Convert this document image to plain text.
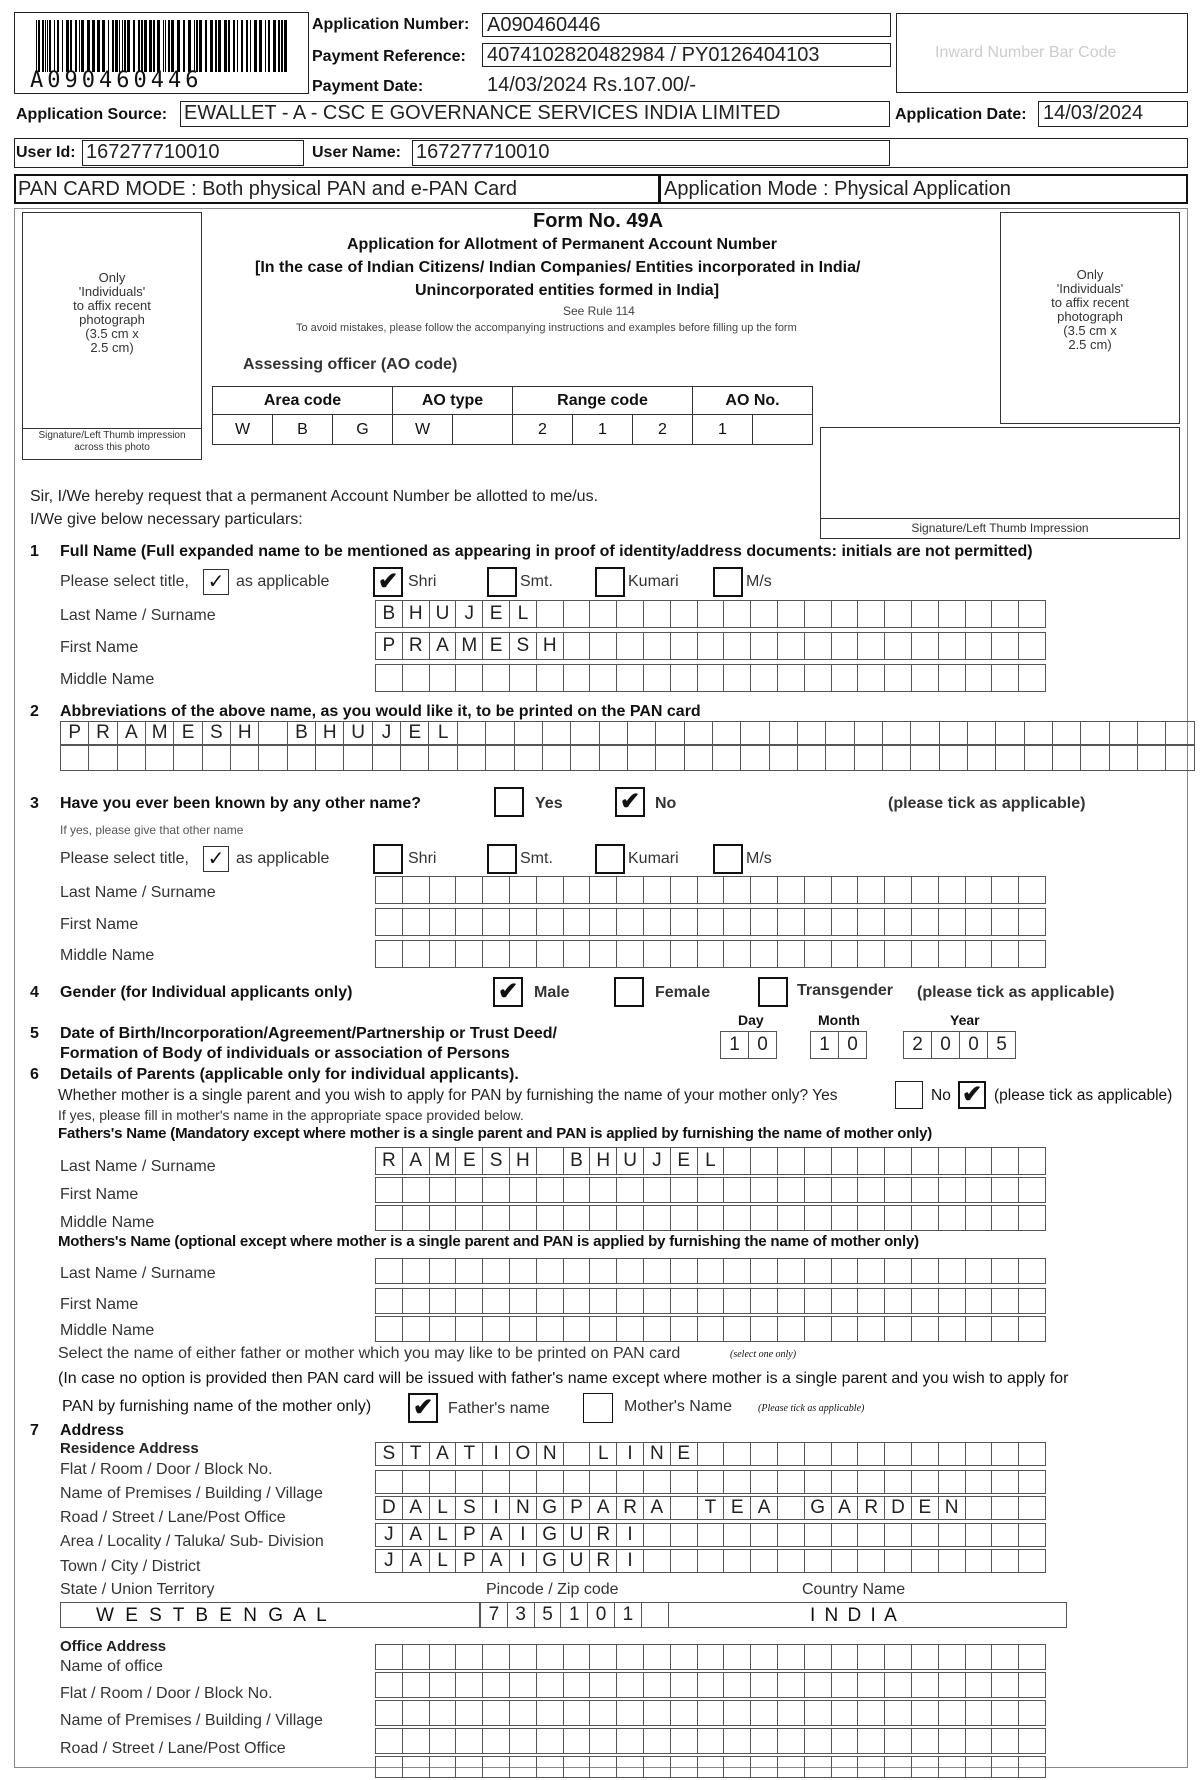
A090460446
Application Number: A090460446
Payment Reference: 4074102820482984 / PY0126404103
Payment Date:	14/03/2024 Rs.107.00/-
Inward Number Bar Code
Application Source: EWALLET - A - CSC E GOVERNANCE SERVICES INDIA LIMITED	Application Date: 14/03/2024
User Id: 167277710010	User Name: 167277710010
PAN CARD MODE : Both physical PAN and e-PAN Card	Application Mode : Physical Application
Only
'Individuals'
to affix recent
photograph
(3.5 cm x
2.5 cm)
Signature/Left Thumb impression across this photo
Only
'Individuals'
to affix recent
photograph
(3.5 cm x
2.5 cm)
Signature/Left Thumb Impression
Form No. 49A
Application for Allotment of Permanent Account Number
[In the case of Indian Citizens/ Indian Companies/ Entities incorporated in India/
Unincorporated entities formed in India]
See Rule 114
To avoid mistakes, please follow the accompanying instructions and examples before filling up the form
Assessing officer (AO code)
Area code			AO type		Range code			AO No.	
W	B	G	W		2	1	2	1	
Sir, I/We hereby request that a permanent Account Number be allotted to me/us.
I/We give below necessary particulars:
1 Full Name (Full expanded name to be mentioned as appearing in proof of identity/address documents: initials are not permitted)
Please select title, ✓ as applicable ✔ Shri	Smt.	Kumari	M/s
Last Name / Surname	B H U J E L
First Name	P R A M E S H
Middle Name
2 Abbreviations of the above name, as you would like it, to be printed on the PAN card
P R A M E S H	B H U J E L
3 Have you ever been known by any other name?	Yes ✔ No	(please tick as applicable)
If yes, please give that other name
Please select title, ✓ as applicable	Shri	Smt.	Kumari	M/s
Last Name / Surname
First Name
Middle Name
4 Gender (for Individual applicants only)	✔ Male	Female	Transgender (please tick as applicable)
5 Date of Birth/Incorporation/Agreement/Partnership or Trust Deed/
Formation of Body of individuals or association of Persons
Day	Month	Year
1 0	1 0	2 0 0 5
6 Details of Parents (applicable only for individual applicants).
Whether mother is a single parent and you wish to apply for PAN by furnishing the name of your mother only? Yes	No ✔ (please tick as applicable)
If yes, please fill in mother's name in the appropriate space provided below.
Fathers's Name (Mandatory except where mother is a single parent and PAN is applied by furnishing the name of mother only)
Last Name / Surname	R A M E S H	B H U J E L
First Name
Middle Name
Mothers's Name (optional except where mother is a single parent and PAN is applied by furnishing the name of mother only)
Last Name / Surname
First Name
Middle Name
Select the name of either father or mother which you may like to be printed on PAN card	(select one only)
(In case no option is provided then PAN card will be issued with father's name except where mother is a single parent and you wish to apply for
PAN by furnishing name of the mother only) ✔ Father's name	Mother's Name	(Please tick as applicable)
7 Address
Residence Address
Flat / Room / Door / Block No.
S T A T I O N	L I N E
Name of Premises / Building / Village
Road / Street / Lane/Post Office	D A L S I N G P A R A	T E A	G A R D E N
Area / Locality / Taluka/ Sub- Division	J A L P A I G U R I
Town / City / District	J A L P A I G U R I
State / Union Territory	Pincode / Zip code	Country Name
W E S T B E N G A L	7 3 5 1 0 1	I N D I A
Office Address
Name of office
Flat / Room / Door / Block No.
Name of Premises / Building / Village
Road / Street / Lane/Post Office
